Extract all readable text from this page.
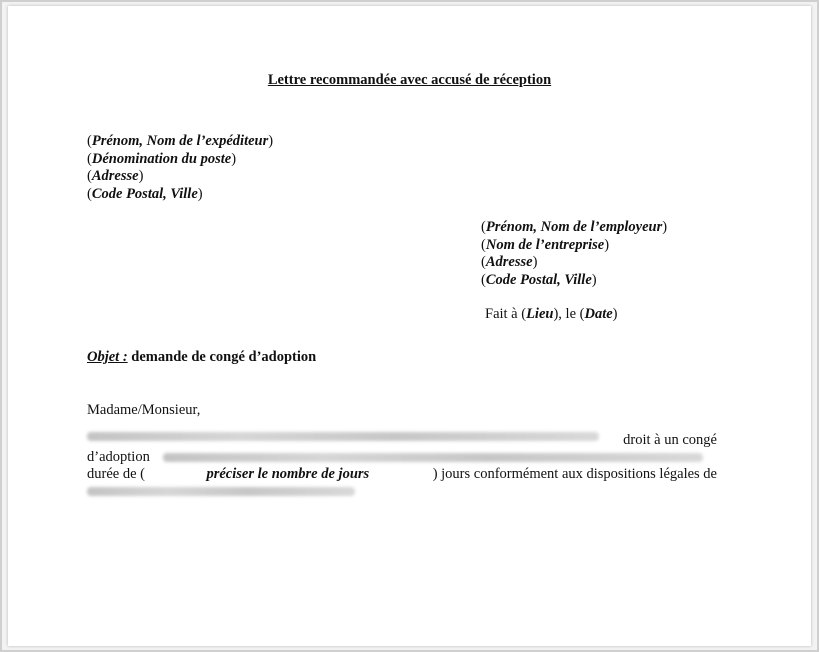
Lettre recommandée avec accusé de réception
(Prénom, Nom de l’expéditeur)
(Dénomination du poste)
(Adresse)
(Code Postal, Ville)
(Prénom, Nom de l’employeur)
(Nom de l’entreprise)
(Adresse)
(Code Postal, Ville)
Fait à (Lieu), le (Date)
Objet : demande de congé d’adoption
Madame/Monsieur,
droit à un congé
d’adoption
durée de (	préciser le nombre de jours	) jours conformément aux dispositions légales de
